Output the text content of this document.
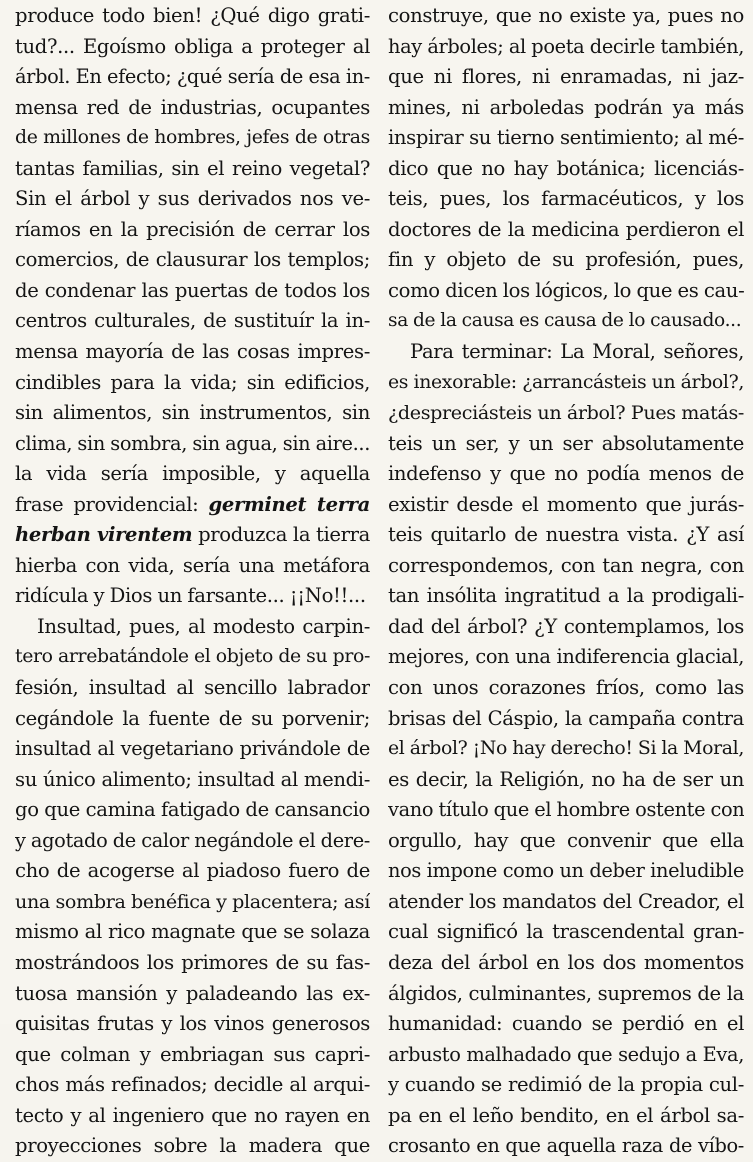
produce todo bien! ¿Qué digo grati-
tud?... Egoísmo obliga a proteger al
árbol. En efecto; ¿qué sería de esa in-
mensa red de industrias, ocupantes
de millones de hombres, jefes de otras
tantas familias, sin el reino vegetal?
Sin el árbol y sus derivados nos ve-
ríamos en la precisión de cerrar los
comercios, de clausurar los templos;
de condenar las puertas de todos los
centros culturales, de sustituír la in-
mensa mayoría de las cosas impres-
cindibles para la vida; sin edificios,
sin alimentos, sin instrumentos, sin
clima, sin sombra, sin agua, sin aire...
la vida sería imposible, y aquella
frase providencial: germinet terra
herban virentem produzca la tierra
hierba con vida, sería una metáfora
ridícula y Dios un farsante... ¡¡No!!...
Insultad, pues, al modesto carpin-
tero arrebatándole el objeto de su pro-
fesión, insultad al sencillo labrador
cegándole la fuente de su porvenir;
insultad al vegetariano privándole de
su único alimento; insultad al mendi-
go que camina fatigado de cansancio
y agotado de calor negándole el dere-
cho de acogerse al piadoso fuero de
una sombra benéfica y placentera; así
mismo al rico magnate que se solaza
mostrándoos los primores de su fas-
tuosa mansión y paladeando las ex-
quisitas frutas y los vinos generosos
que colman y embriagan sus capri-
chos más refinados; decidle al arqui-
tecto y al ingeniero que no rayen en
proyecciones sobre la madera que
construye, que no existe ya, pues no
hay árboles; al poeta decirle también,
que ni flores, ni enramadas, ni jaz-
mines, ni arboledas podrán ya más
inspirar su tierno sentimiento; al mé-
dico que no hay botánica; licenciás-
teis, pues, los farmacéuticos, y los
doctores de la medicina perdieron el
fin y objeto de su profesión, pues,
como dicen los lógicos, lo que es cau-
sa de la causa es causa de lo causado...
Para terminar: La Moral, señores,
es inexorable: ¿arrancásteis un árbol?,
¿despreciásteis un árbol? Pues matás-
teis un ser, y un ser absolutamente
indefenso y que no podía menos de
existir desde el momento que jurás-
teis quitarlo de nuestra vista. ¿Y así
correspondemos, con tan negra, con
tan insólita ingratitud a la prodigali-
dad del árbol? ¿Y contemplamos, los
mejores, con una indiferencia glacial,
con unos corazones fríos, como las
brisas del Cáspio, la campaña contra
el árbol? ¡No hay derecho! Si la Moral,
es decir, la Religión, no ha de ser un
vano título que el hombre ostente con
orgullo, hay que convenir que ella
nos impone como un deber ineludible
atender los mandatos del Creador, el
cual significó la trascendental gran-
deza del árbol en los dos momentos
álgidos, culminantes, supremos de la
humanidad: cuando se perdió en el
arbusto malhadado que sedujo a Eva,
y cuando se redimió de la propia cul-
pa en el leño bendito, en el árbol sa-
crosanto en que aquella raza de víbo-
